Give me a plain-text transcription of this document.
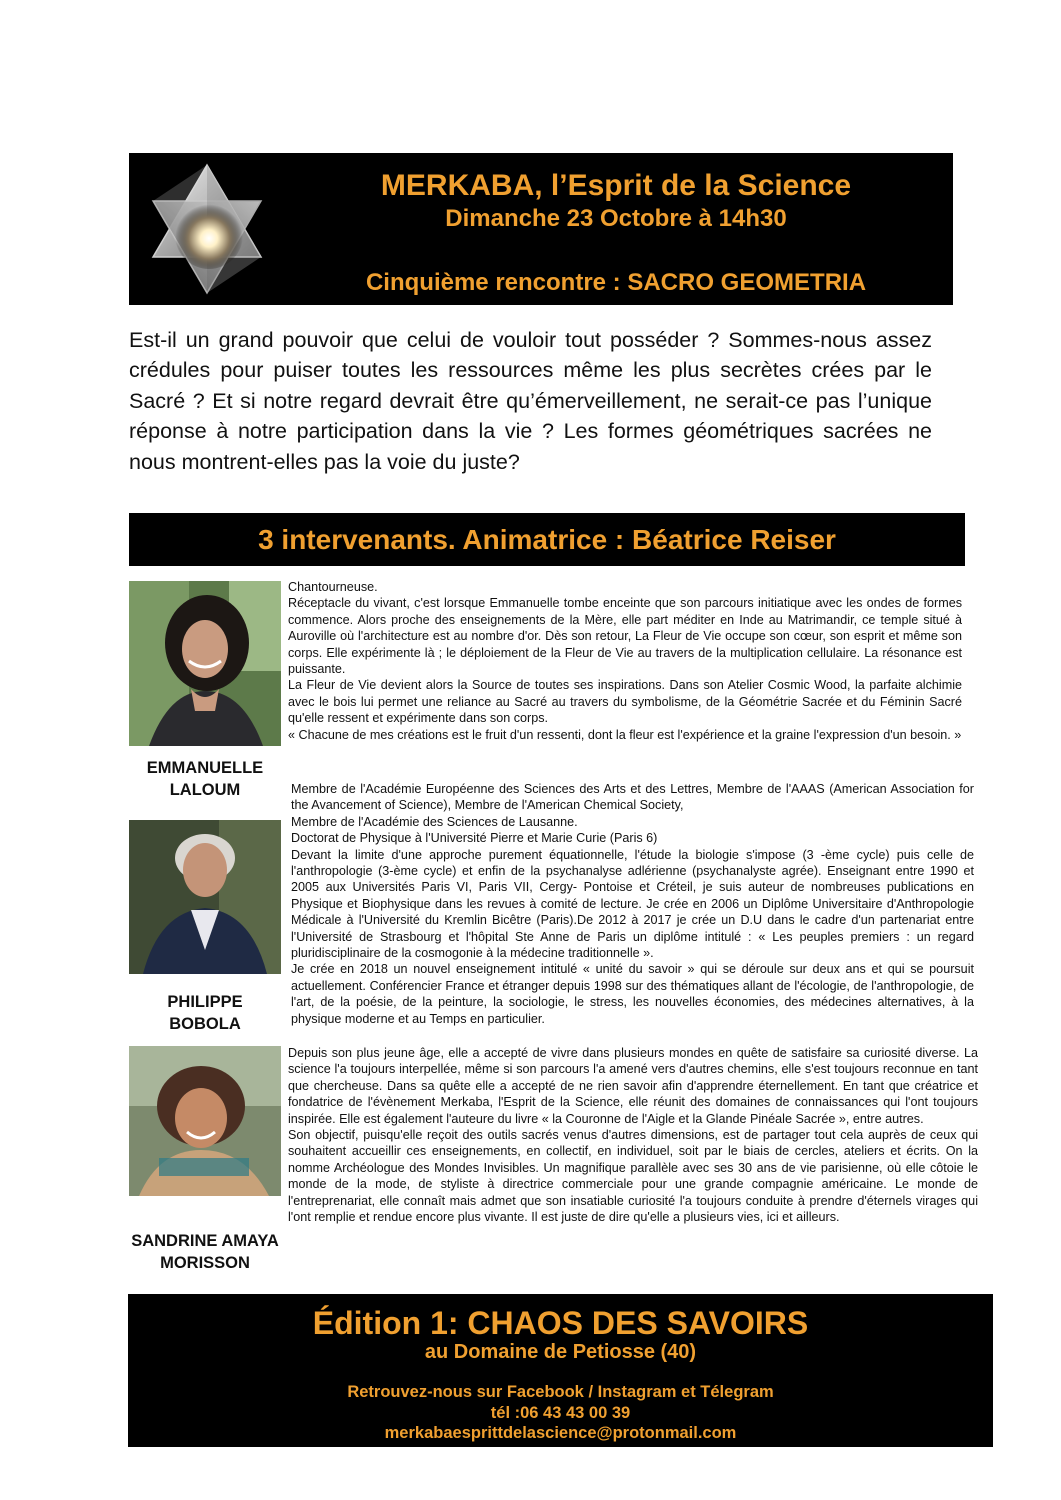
MERKABA, l’Esprit de la Science
Dimanche 23 Octobre à 14h30
Cinquième rencontre : SACRO GEOMETRIA
Est-il un grand pouvoir que celui de vouloir tout posséder ? Sommes-nous assez crédules pour puiser toutes les ressources même les plus secrètes crées par le Sacré ? Et si notre regard devrait être qu’émerveillement, ne serait-ce pas l’unique réponse à notre participation dans la vie ? Les formes géométriques sacrées ne nous montrent-elles pas la voie du juste?
3 intervenants. Animatrice : Béatrice Reiser
EMMANUELLE
LALOUM

Chantourneuse.

Réceptacle du vivant, c'est lorsque Emmanuelle tombe enceinte que son parcours initiatique avec les ondes de formes commence. Alors proche des enseignements de la Mère, elle part méditer en Inde au Matrimandir, ce temple situé à Auroville où l'architecture est au nombre d'or. Dès son retour, La Fleur de Vie occupe son cœur, son esprit et même son corps. Elle expérimente là ; le déploiement de la Fleur de Vie au travers de la multiplication cellulaire. La résonance est puissante.

La Fleur de Vie devient alors la Source de toutes ses inspirations. Dans son Atelier Cosmic Wood, la parfaite alchimie avec le bois lui permet une reliance au Sacré au travers du symbolisme, de la Géométrie Sacrée et du Féminin Sacré qu'elle ressent et expérimente dans son corps.

« Chacune de mes créations est le fruit d'un ressenti, dont la fleur est l'expérience et la graine l'expression d'un besoin. »

PHILIPPE
BOBOLA

Membre de l'Académie Européenne des Sciences des Arts et des Lettres, Membre de l'AAAS (American Association for the Avancement of Science), Membre de l'American Chemical Society,

Membre de l'Académie des Sciences de Lausanne.

Doctorat de Physique à l'Université Pierre et Marie Curie (Paris 6)

Devant la limite d'une approche purement équationnelle, l'étude la biologie s'impose (3 -ème cycle) puis celle de l'anthropologie (3-ème cycle) et enfin de la psychanalyse adlérienne (psychanalyste agrée). Enseignant entre 1990 et 2005 aux Universités Paris VI, Paris VII, Cergy- Pontoise et Créteil, je suis auteur de nombreuses publications en Physique et Biophysique dans les revues à comité de lecture. Je crée en 2006 un Diplôme Universitaire d'Anthropologie Médicale à l'Université du Kremlin Bicêtre (Paris).De 2012 à 2017 je crée un D.U dans le cadre d'un partenariat entre l'Université de Strasbourg et l'hôpital Ste Anne de Paris un diplôme intitulé : « Les peuples premiers : un regard pluridisciplinaire de la cosmogonie à la médecine traditionnelle ».

Je crée en 2018 un nouvel enseignement intitulé « unité du savoir » qui se déroule sur deux ans et qui se poursuit actuellement. Conférencier France et étranger depuis 1998 sur des thématiques allant de l'écologie, de l'anthropologie, de l'art, de la poésie, de la peinture, la sociologie, le stress, les nouvelles économies, des médecines alternatives, à la physique moderne et au Temps en particulier.

SANDRINE AMAYA
MORISSON

Depuis son plus jeune âge, elle a accepté de vivre dans plusieurs mondes en quête de satisfaire sa curiosité diverse. La science l'a toujours interpellée, même si son parcours l'a amené vers d'autres chemins, elle s'est toujours reconnue en tant que chercheuse. Dans sa quête elle a accepté de ne rien savoir afin d'apprendre éternellement. En tant que créatrice et fondatrice de l'évènement Merkaba, l'Esprit de la Science, elle réunit des domaines de connaissances qui l'ont toujours inspirée. Elle est également l'auteure du livre « la Couronne de l'Aigle et la Glande Pinéale Sacrée », entre autres.

Son objectif, puisqu'elle reçoit des outils sacrés venus d'autres dimensions, est de partager tout cela auprès de ceux qui souhaitent accueillir ces enseignements, en collectif, en individuel, soit par le biais de cercles, ateliers et écrits. On la nomme Archéologue des Mondes Invisibles. Un magnifique parallèle avec ses 30 ans de vie parisienne, où elle côtoie le monde de la mode, de styliste à directrice commerciale pour une grande compagnie américaine. Le monde de l'entreprenariat, elle connaît mais admet que son insatiable curiosité l'a toujours conduite à prendre d'éternels virages qui l'ont remplie et rendue encore plus vivante. Il est juste de dire qu'elle a plusieurs vies, ici et ailleurs.

Édition 1: CHAOS DES SAVOIRS
au Domaine de Petiosse (40)
Retrouvez-nous sur Facebook / Instagram et Télegram
tél :06 43 43 00 39
merkabaesprittdelascience@protonmail.com
